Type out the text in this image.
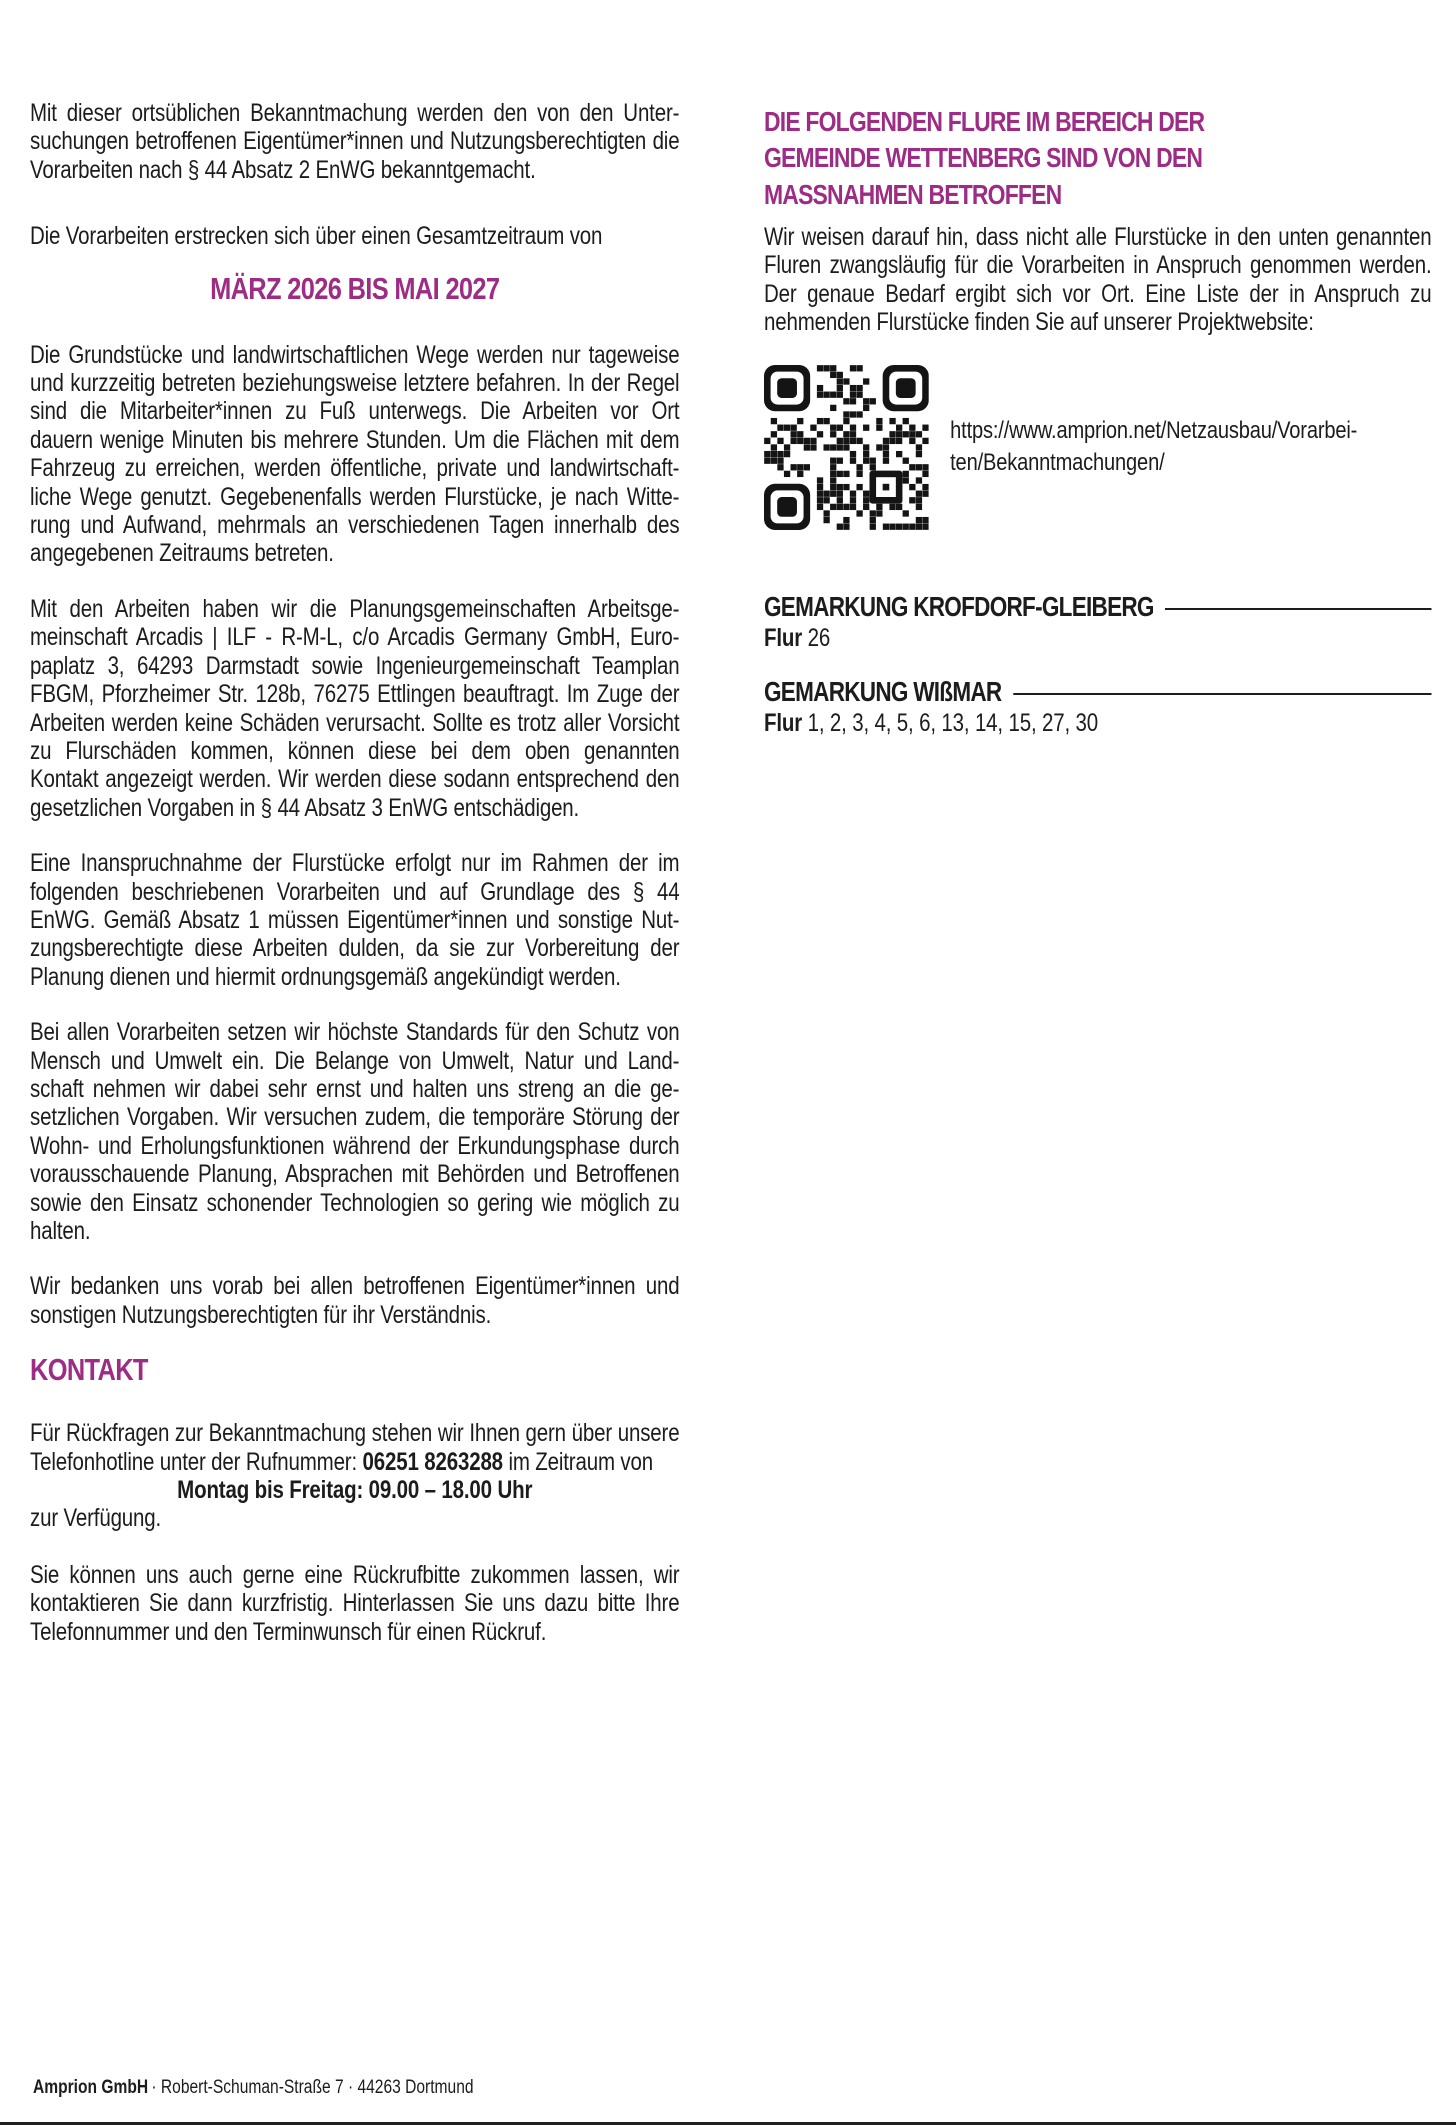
Mit dieser ortsüblichen Bekanntmachung werden den von den Untersuchungen betroffenen Eigentümer*innen und Nutzungsberechtigten die Vorarbeiten nach § 44 Absatz 2 EnWG bekanntgemacht.
Die Vorarbeiten erstrecken sich über einen Gesamtzeitraum von
MÄRZ 2026 BIS MAI 2027
Die Grundstücke und landwirtschaftlichen Wege werden nur tageweise und kurzzeitig betreten beziehungsweise letztere befahren. In der Regel sind die Mitarbeiter*innen zu Fuß unterwegs. Die Arbeiten vor Ort dauern wenige Minuten bis mehrere Stunden. Um die Flächen mit dem Fahrzeug zu erreichen, werden öffentliche, private und landwirtschaftliche Wege genutzt. Gegebenenfalls werden Flurstücke, je nach Witterung und Aufwand, mehrmals an verschiedenen Tagen innerhalb des angegebenen Zeitraums betreten.
Mit den Arbeiten haben wir die Planungsgemeinschaften Arbeitsgemeinschaft Arcadis | ILF - R-M-L, c/o Arcadis Germany GmbH, Europaplatz 3, 64293 Darmstadt sowie Ingenieurgemeinschaft Teamplan FBGM, Pforzheimer Str. 128b, 76275 Ettlingen beauftragt. Im Zuge der Arbeiten werden keine Schäden verursacht. Sollte es trotz aller Vorsicht zu Flurschäden kommen, können diese bei dem oben genannten Kontakt angezeigt werden. Wir werden diese sodann entsprechend den gesetzlichen Vorgaben in § 44 Absatz 3 EnWG entschädigen.
Eine Inanspruchnahme der Flurstücke erfolgt nur im Rahmen der im folgenden beschriebenen Vorarbeiten und auf Grundlage des § 44 EnWG. Gemäß Absatz 1 müssen Eigentümer*innen und sonstige Nutzungsberechtigte diese Arbeiten dulden, da sie zur Vorbereitung der Planung dienen und hiermit ordnungsgemäß angekündigt werden.
Bei allen Vorarbeiten setzen wir höchste Standards für den Schutz von Mensch und Umwelt ein. Die Belange von Umwelt, Natur und Landschaft nehmen wir dabei sehr ernst und halten uns streng an die gesetzlichen Vorgaben. Wir versuchen zudem, die temporäre Störung der Wohn- und Erholungsfunktionen während der Erkundungsphase durch vorausschauende Planung, Absprachen mit Behörden und Betroffenen sowie den Einsatz schonender Technologien so gering wie möglich zu halten.
Wir bedanken uns vorab bei allen betroffenen Eigentümer*innen und sonstigen Nutzungsberechtigten für ihr Verständnis.
KONTAKT
Für Rückfragen zur Bekanntmachung stehen wir Ihnen gern über unsere Telefonhotline unter der Rufnummer: 06251 8263288 im Zeitraum von
Montag bis Freitag: 09.00 – 18.00 Uhr
zur Verfügung.
Sie können uns auch gerne eine Rückrufbitte zukommen lassen, wir kontaktieren Sie dann kurzfristig. Hinterlassen Sie uns dazu bitte Ihre Telefonnummer und den Terminwunsch für einen Rückruf.
DIE FOLGENDEN FLURE IM BEREICH DER GEMEINDE WETTENBERG SIND VON DEN MASSNAHMEN BETROFFEN
Wir weisen darauf hin, dass nicht alle Flurstücke in den unten genannten Fluren zwangsläufig für die Vorarbeiten in Anspruch genommen werden. Der genaue Bedarf ergibt sich vor Ort. Eine Liste der in Anspruch zu nehmenden Flurstücke finden Sie auf unserer Projektwebsite:
https://www.amprion.net/Netzausbau/Vorarbei-
ten/Bekanntmachungen/
GEMARKUNG KROFDORF-GLEIBERG
Flur 26
GEMARKUNG WIßMAR
Flur 1, 2, 3, 4, 5, 6, 13, 14, 15, 27, 30
Amprion GmbH · Robert-Schuman-Straße 7 · 44263 Dortmund
